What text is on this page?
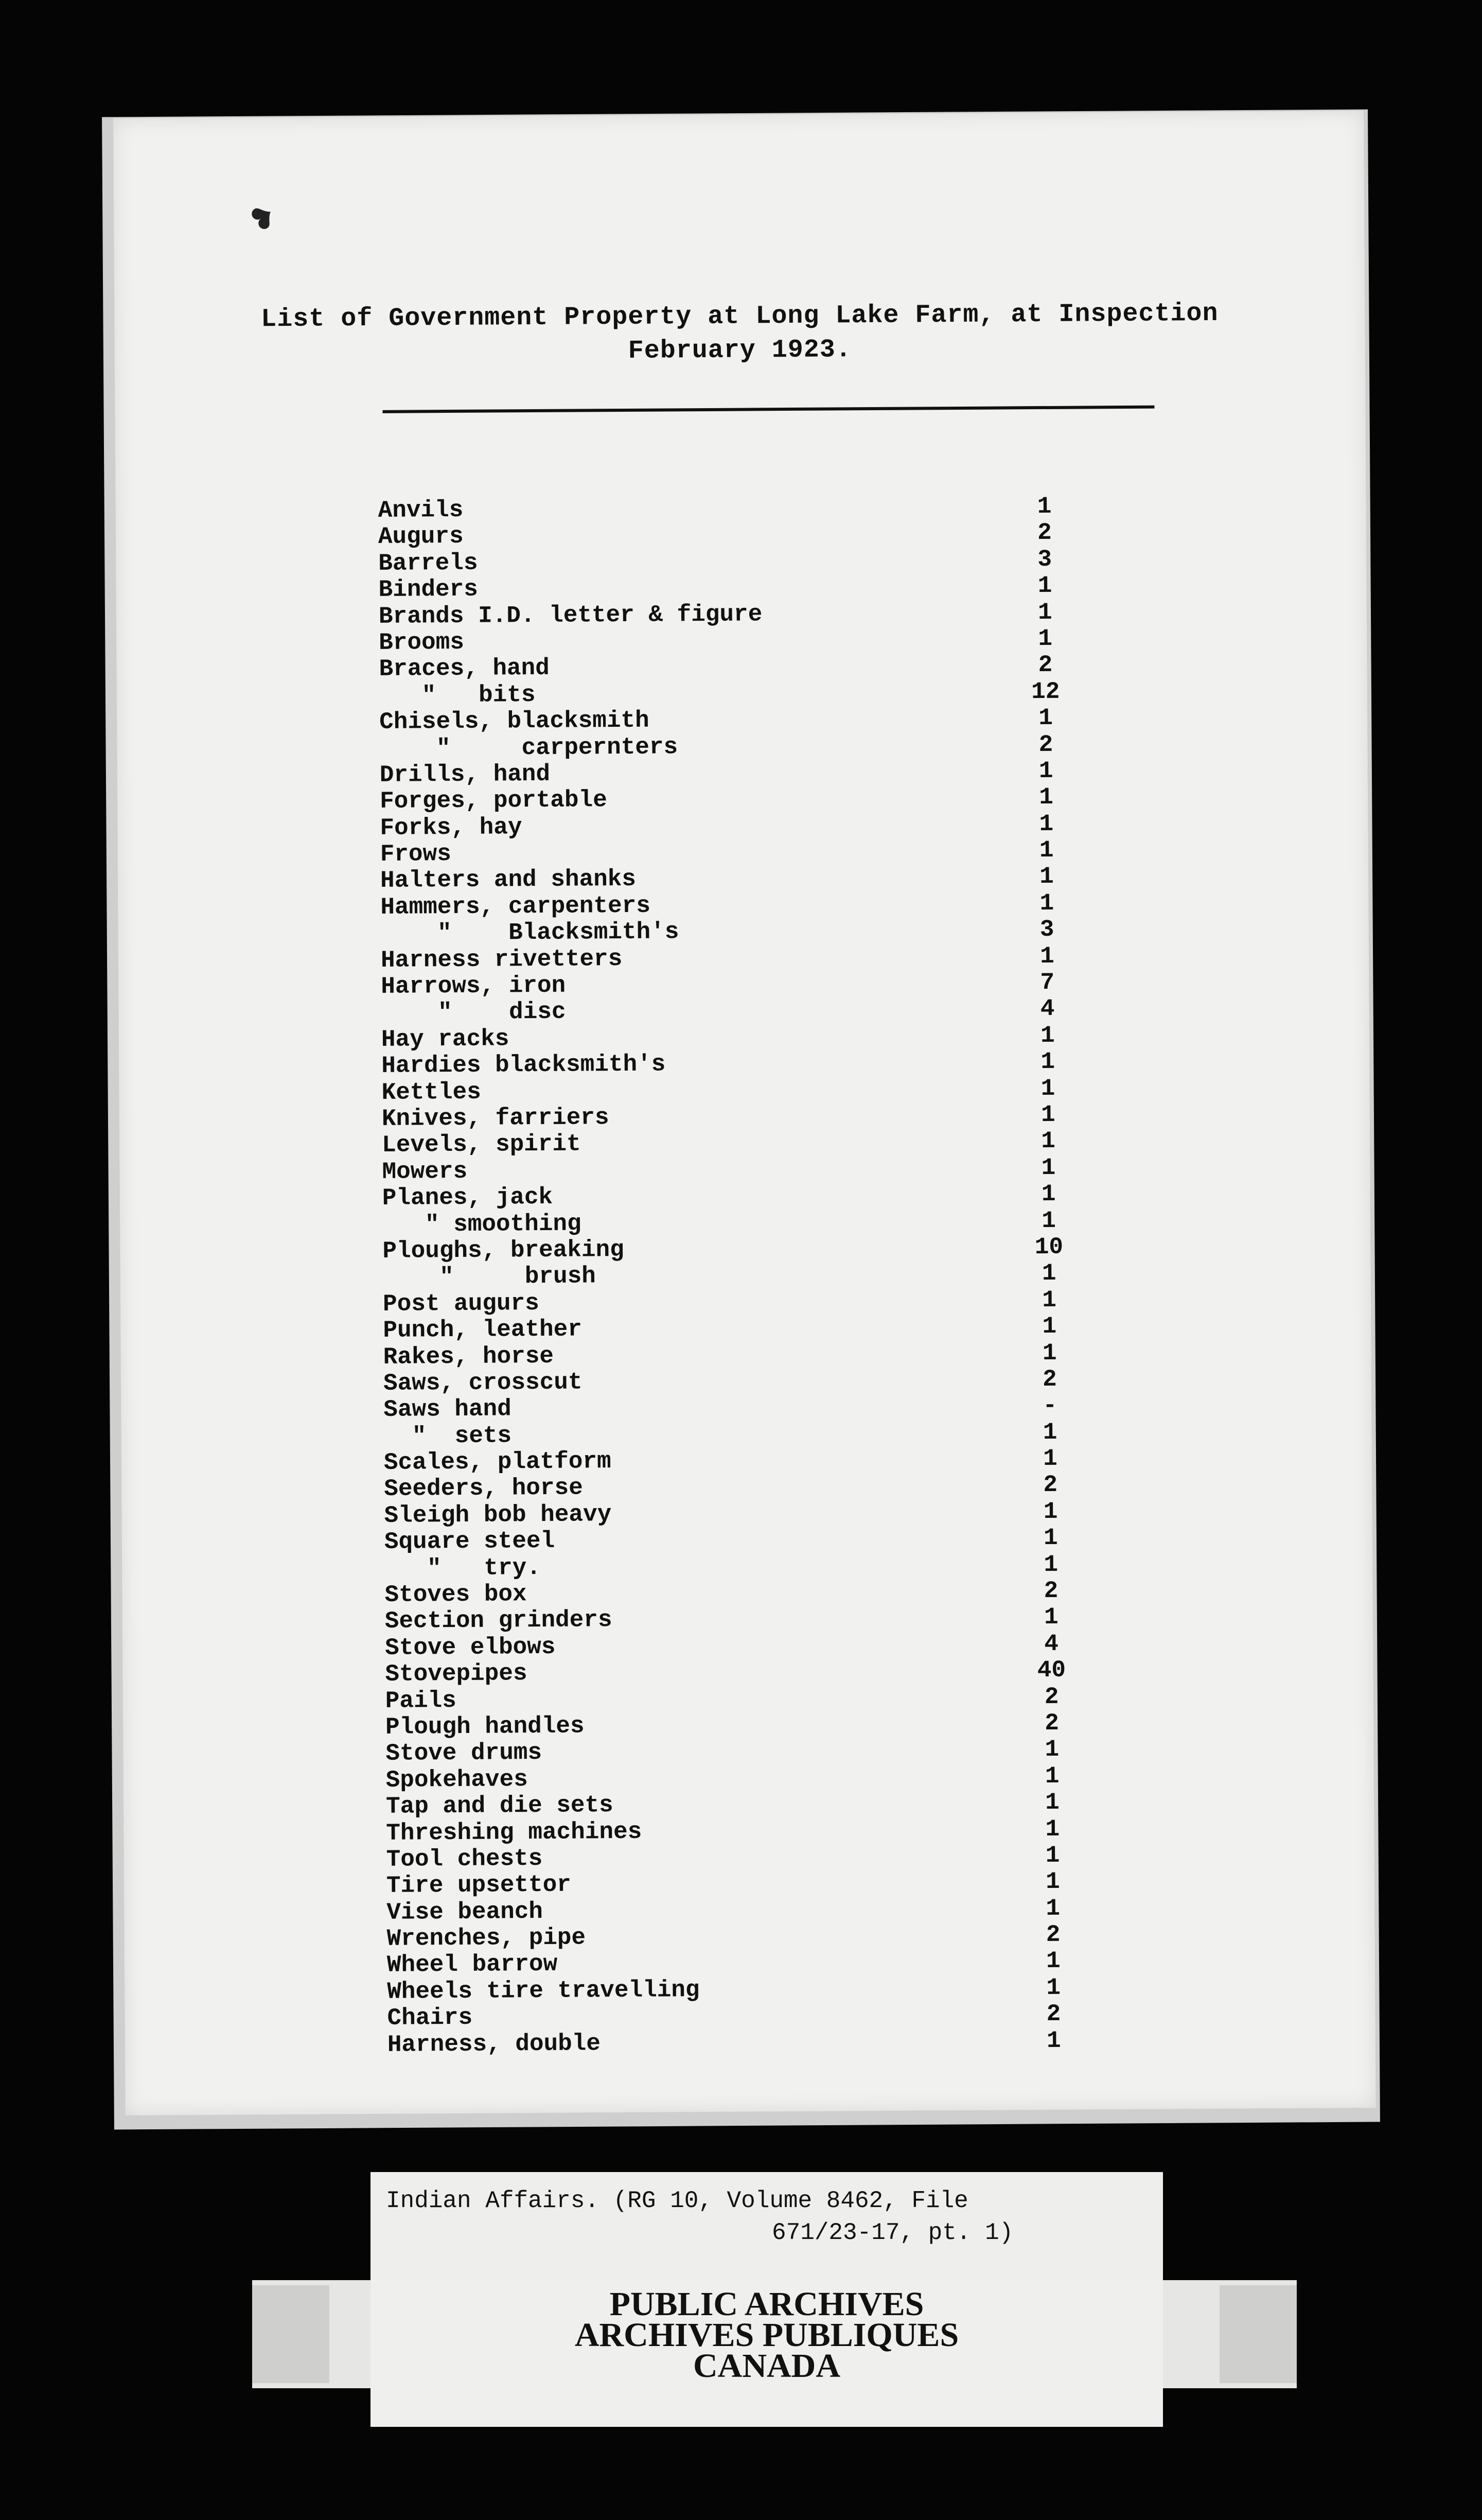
❥
List of Government Property at Long Lake Farm, at Inspection
February 1923.
Anvils	1
Augurs	2
Barrels	3
Binders	1
Brands I.D. letter & figure	1
Brooms	1
Braces, hand	2
"   bits	12
Chisels, blacksmith	1
"     carpernters	2
Drills, hand	1
Forges, portable	1
Forks, hay	1
Frows	1
Halters and shanks	1
Hammers, carpenters	1
"    Blacksmith's	3
Harness rivetters	1
Harrows, iron	7
"    disc	4
Hay racks	1
Hardies blacksmith's	1
Kettles	1
Knives, farriers	1
Levels, spirit	1
Mowers	1
Planes, jack	1
" smoothing	1
Ploughs, breaking	10
"     brush	1
Post augurs	1
Punch, leather	1
Rakes, horse	1
Saws, crosscut	2
Saws hand	-
"  sets	1
Scales, platform	1
Seeders, horse	2
Sleigh bob heavy	1
Square steel	1
"   try.	1
Stoves box	2
Section grinders	1
Stove elbows	4
Stovepipes	40
Pails	2
Plough handles	2
Stove drums	1
Spokehaves	1
Tap and die sets	1
Threshing machines	1
Tool chests	1
Tire upsettor	1
Vise beanch	1
Wrenches, pipe	2
Wheel barrow	1
Wheels tire travelling	1
Chairs	2
Harness, double	1
Indian Affairs. (RG 10, Volume 8462, File
671/23-17, pt. 1)
PUBLIC ARCHIVES
ARCHIVES PUBLIQUES
CANADA
